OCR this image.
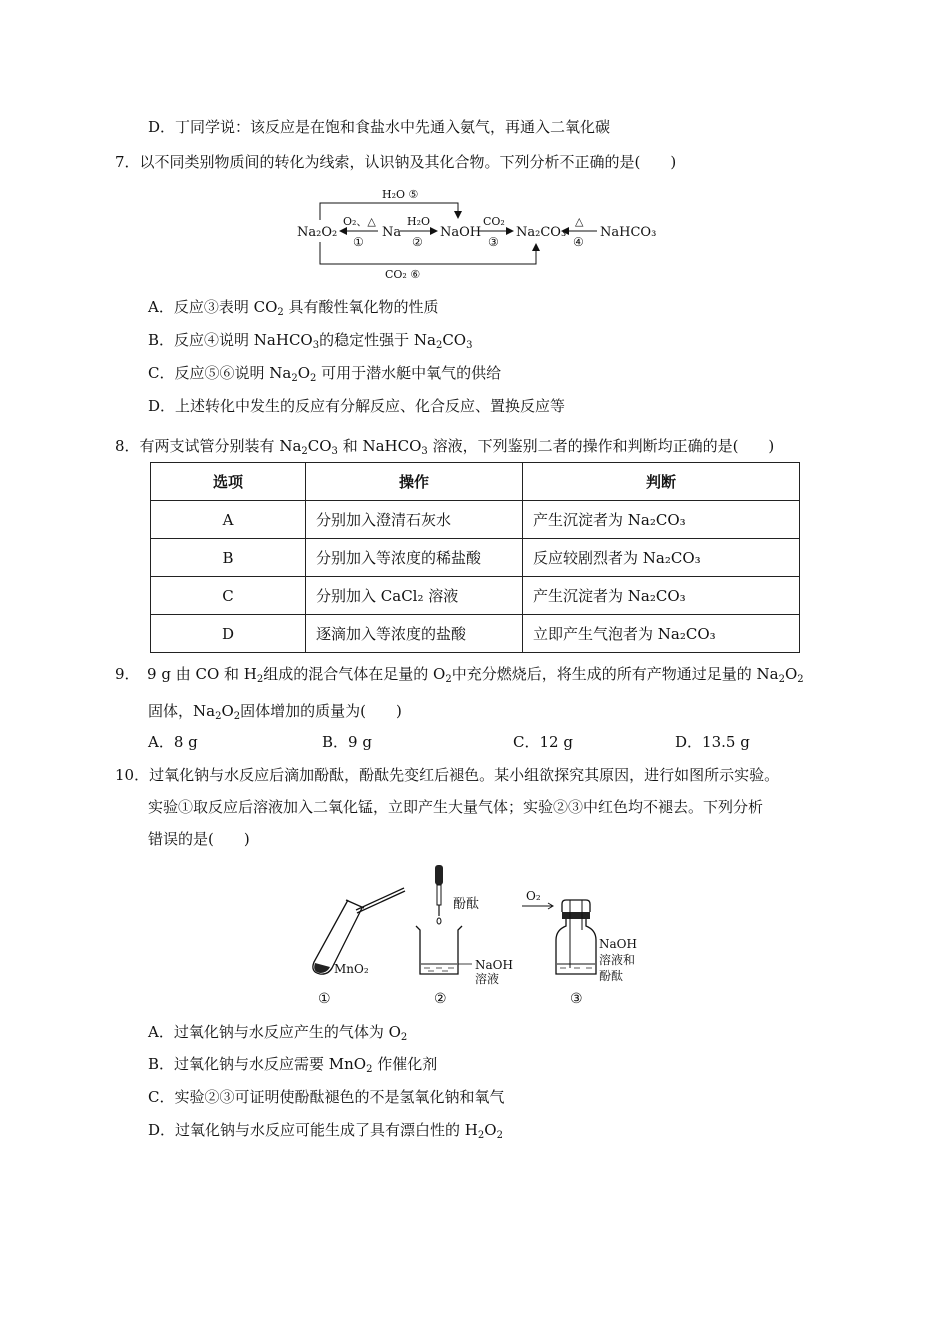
D．丁同学说：该反应是在饱和食盐水中先通入氨气，再通入二氧化碳
7．以不同类别物质间的转化为线索，认识钠及其化合物。下列分析不正确的是(　　)
Na₂O₂	Na	NaOH	Na₂CO₃	NaHCO₃
O₂、△
①
H₂O
②
CO₂
③
△
④
H₂O ⑤
CO₂ ⑥
A．反应③表明 $CO_2$ 具有酸性氧化物的性质
B．反应④说明 NaHCO$_3$的稳定性强于 $Na_2CO_3$
C．反应⑤⑥说明 $Na_2O_2$ 可用于潜水艇中氧气的供给
D．上述转化中发生的反应有分解反应、化合反应、置换反应等
8．有两支试管分别装有 $Na_2CO_3$ 和 NaHCO$_3$ 溶液，下列鉴别二者的操作和判断均正确的是(　　)
选项	操作	判断
A	分别加入澄清石灰水	产生沉淀者为 Na₂CO₃
B	分别加入等浓度的稀盐酸	反应较剧烈者为 Na₂CO₃
C	分别加入 CaCl₂ 溶液	产生沉淀者为 Na₂CO₃
D	逐滴加入等浓度的盐酸	立即产生气泡者为 Na₂CO₃
9．　9 g 由 CO 和 $H_2$组成的混合气体在足量的 $O_2$中充分燃烧后，将生成的所有产物通过足量的 $Na_2O_2$
固体，$Na_2O_2$固体增加的质量为(　　)
A．8 g	B．9 g	C．12 g	D．13.5 g
10．过氧化钠与水反应后滴加酚酞，酚酞先变红后褪色。某小组欲探究其原因，进行如图所示实验。
实验①取反应后溶液加入二氧化锰，立即产生大量气体；实验②③中红色均不褪去。下列分析
错误的是(　　)
MnO₂
①
酚酞
NaOH
溶液
②
O₂
NaOH
溶液和
酚酞
③
A．过氧化钠与水反应产生的气体为 $O_2$
B．过氧化钠与水反应需要 MnO$_2$ 作催化剂
C．实验②③可证明使酚酞褪色的不是氢氧化钠和氧气
D．过氧化钠与水反应可能生成了具有漂白性的 $H_2O_2$
